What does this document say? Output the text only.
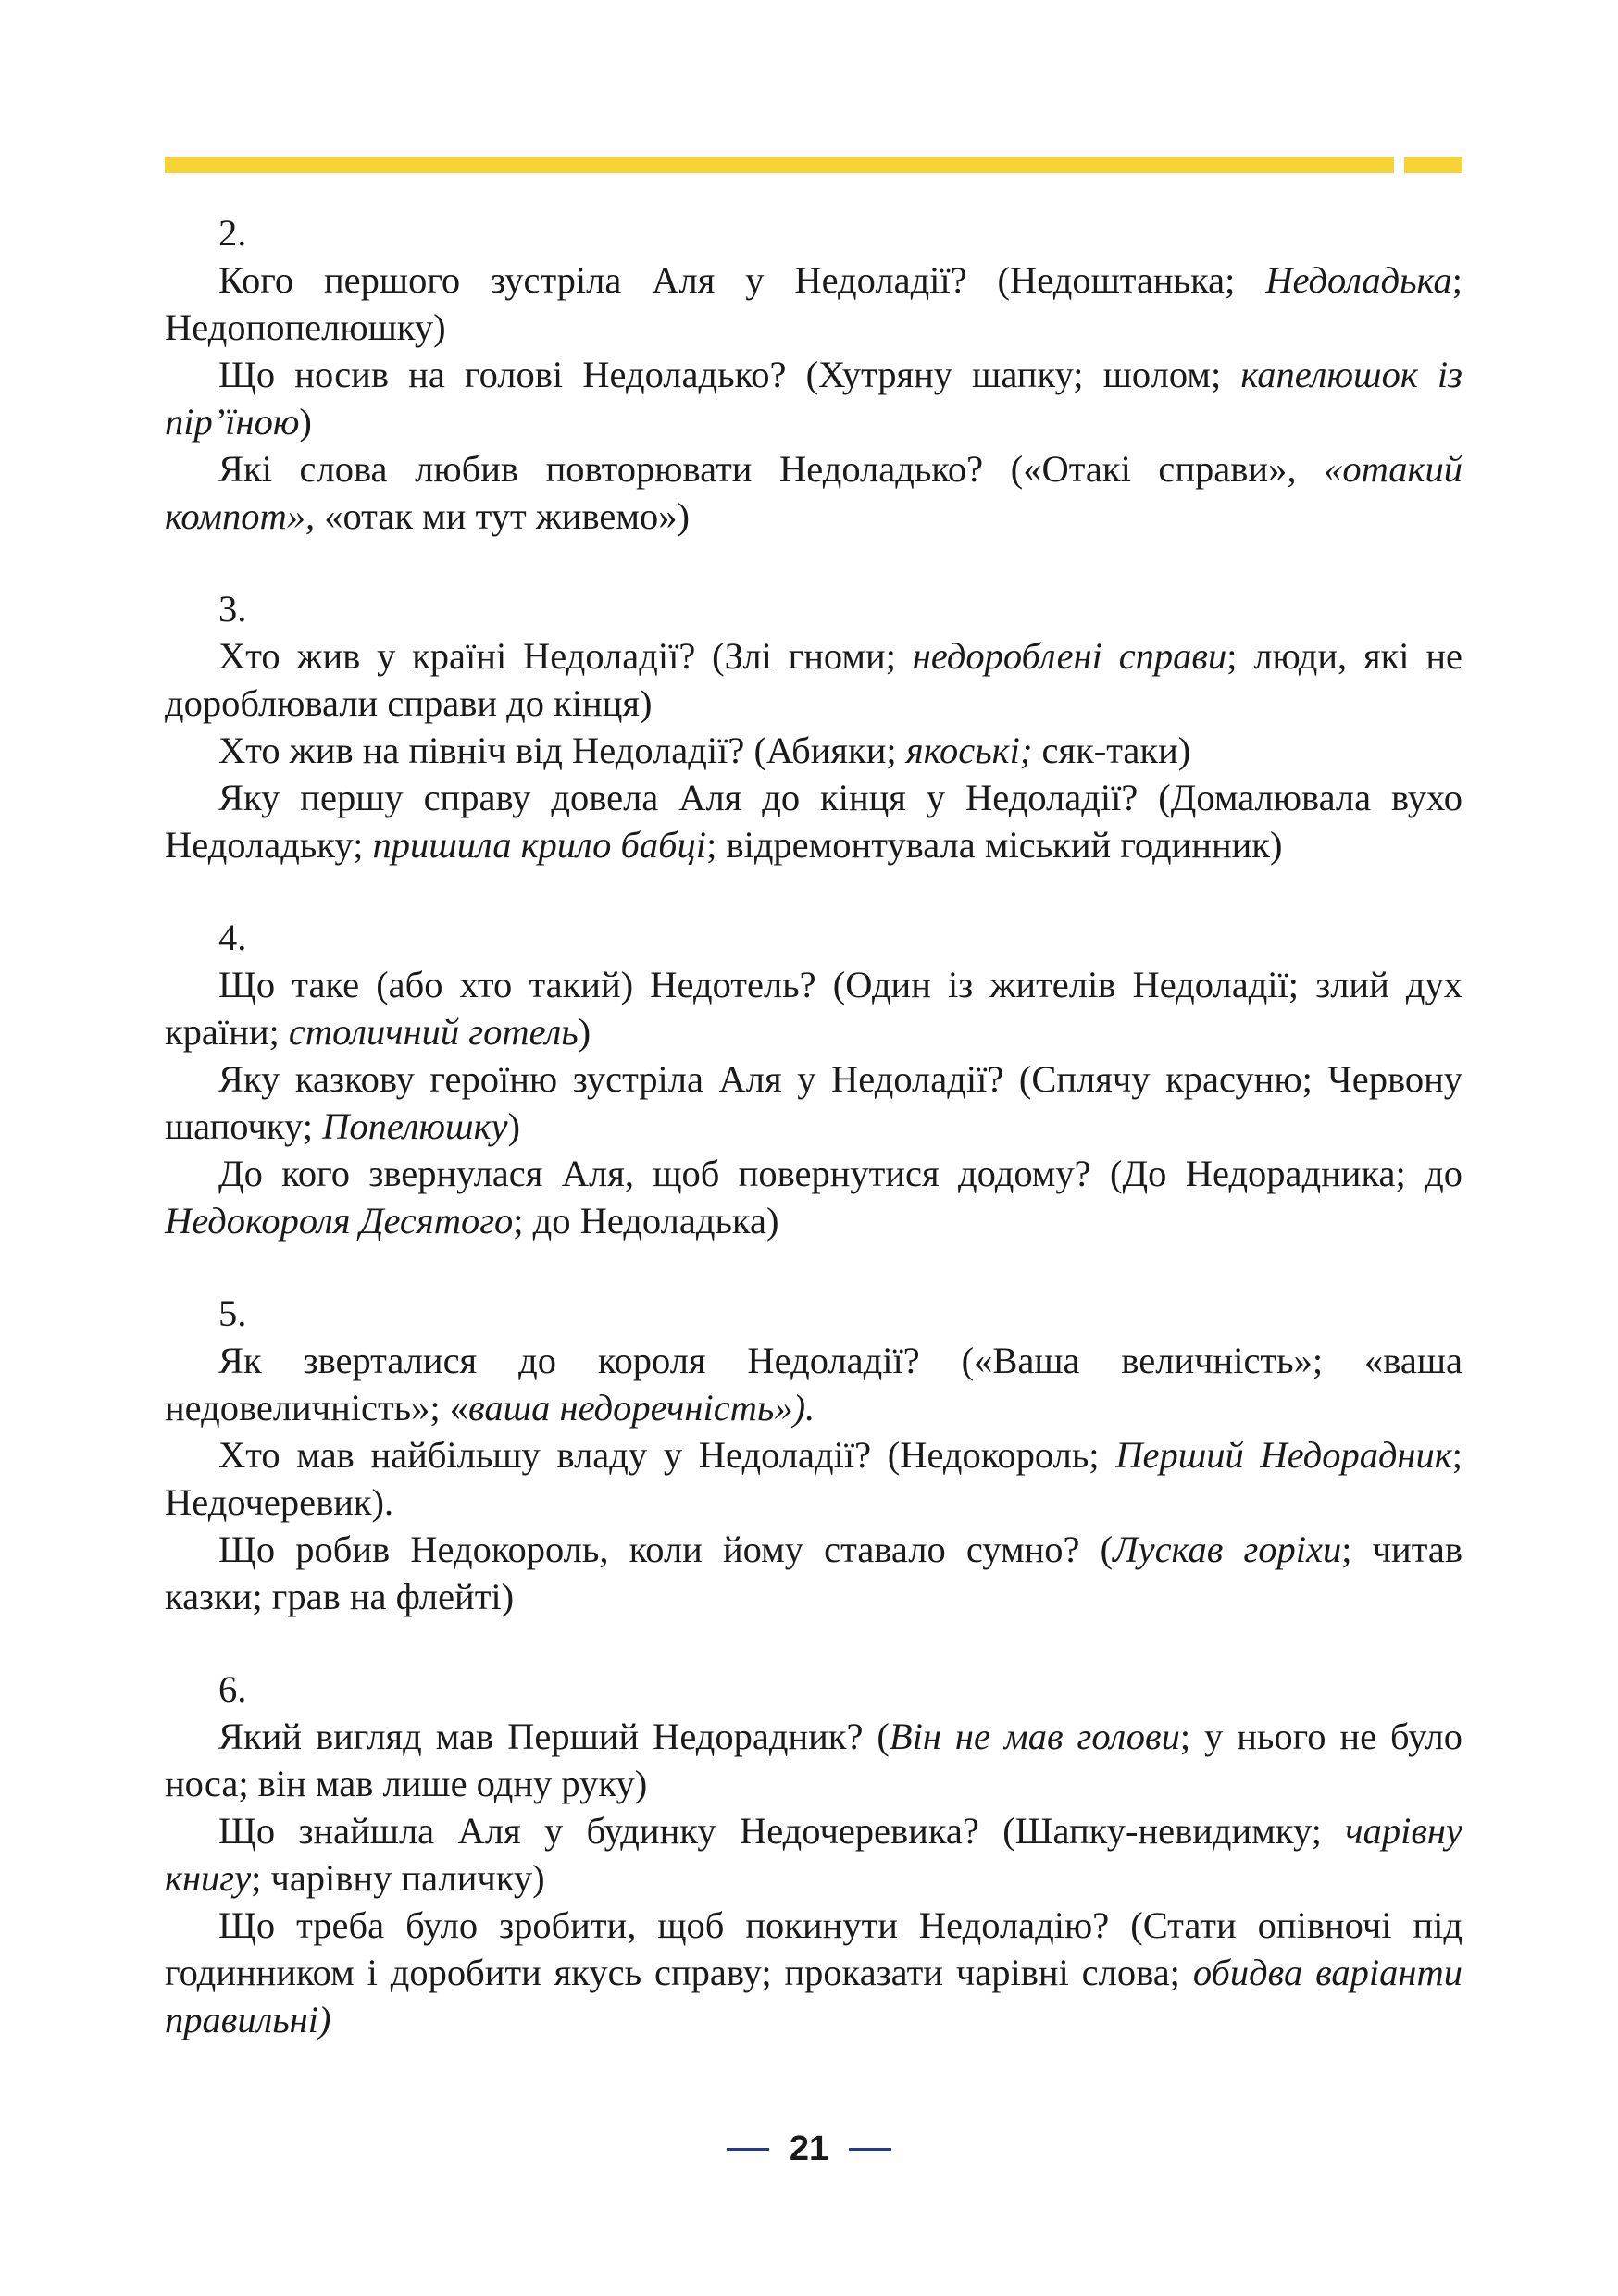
2.
Кого першого зустріла Аля у Недоладії? (Недоштанька; Недоладька; Недопопелюшку)
Що носив на голові Недоладько? (Хутряну шапку; шолом; капелюшок із пір’їною)
Які слова любив повторювати Недоладько? («Отакі справи», «отакий компот», «отак ми тут живемо»)
3.
Хто жив у країні Недоладії? (Злі гноми; недороблені справи; люди, які не дороблювали справи до кінця)
Хто жив на північ від Недоладії? (Абияки; якоські; сяк-таки)
Яку першу справу довела Аля до кінця у Недоладії? (Домалювала вухо Недоладьку; пришила крило бабці; відремонтувала міський годинник)
4.
Що таке (або хто такий) Недотель? (Один із жителів Недоладії; злий дух країни; столичний готель)
Яку казкову героїню зустріла Аля у Недоладії? (Сплячу красуню; Червону шапочку; Попелюшку)
До кого звернулася Аля, щоб повернутися додому? (До Недорадника; до Недокороля Десятого; до Недоладька)
5.
Як зверталися до короля Недоладії? («Ваша величність»; «ваша недовеличність»; «ваша недоречність»).
Хто мав найбільшу владу у Недоладії? (Недокороль; Перший Недорадник; Недочеревик).
Що робив Недокороль, коли йому ставало сумно? (Лускав горіхи; читав казки; грав на флейті)
6.
Який вигляд мав Перший Недорадник? (Він не мав голови; у нього не було носа; він мав лише одну руку)
Що знайшла Аля у будинку Недочеревика? (Шапку-невидимку; чарівну книгу; чарівну паличку)
Що треба було зробити, щоб покинути Недоладію? (Стати опівночі під годинником і доробити якусь справу; проказати чарівні слова; обидва варіанти правильні)
21
